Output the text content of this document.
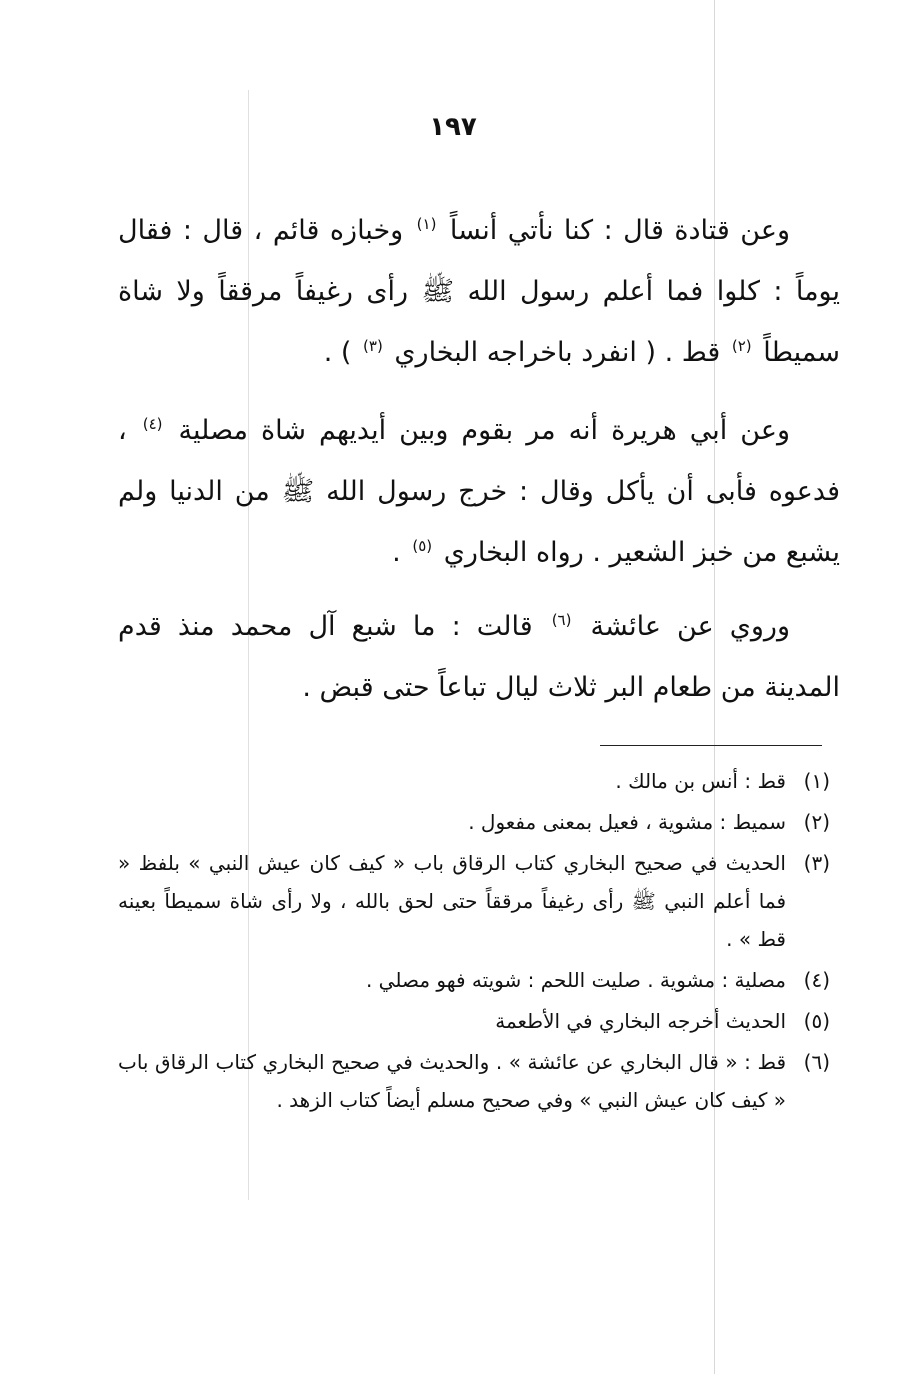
١٩٧

وعن قتادة قال : كنا نأتي أنساً $^{(١)}$ وخبازه قائم ، قال : فقال يوماً : كلوا فما أعلم رسول الله ﷺ رأى رغيفاً مرققاً ولا شاة سميطاً $^{(٢)}$ قط . ( انفرد باخراجه البخاري $^{(٣)}$ ) .

وعن أبي هريرة أنه مر بقوم وبين أيديهم شاة مصلية $^{(٤)}$ ، فدعوه فأبى أن يأكل وقال : خرج رسول الله ﷺ من الدنيا ولم يشبع من خبز الشعير . رواه البخاري $^{(٥)}$ .

وروي عن عائشة $^{(٦)}$ قالت : ما شبع آل محمد منذ قدم المدينة من طعام البر ثلاث ليال تباعاً حتى قبض .

(١)
قط : أنس بن مالك .
(٢)
سميط : مشوية ، فعيل بمعنى مفعول .
(٣)
الحديث في صحيح البخاري كتاب الرقاق باب « كيف كان عيش النبي » بلفظ « فما أعلم النبي ﷺ رأى رغيفاً مرققاً حتى لحق بالله ، ولا رأى شاة سميطاً بعينه قط » .
(٤)
مصلية : مشوية . صليت اللحم : شويته فهو مصلي .
(٥)
الحديث أخرجه البخاري في الأطعمة
(٦)
قط : « قال البخاري عن عائشة » . والحديث في صحيح البخاري كتاب الرقاق باب « كيف كان عيش النبي » وفي صحيح مسلم أيضاً كتاب الزهد .
